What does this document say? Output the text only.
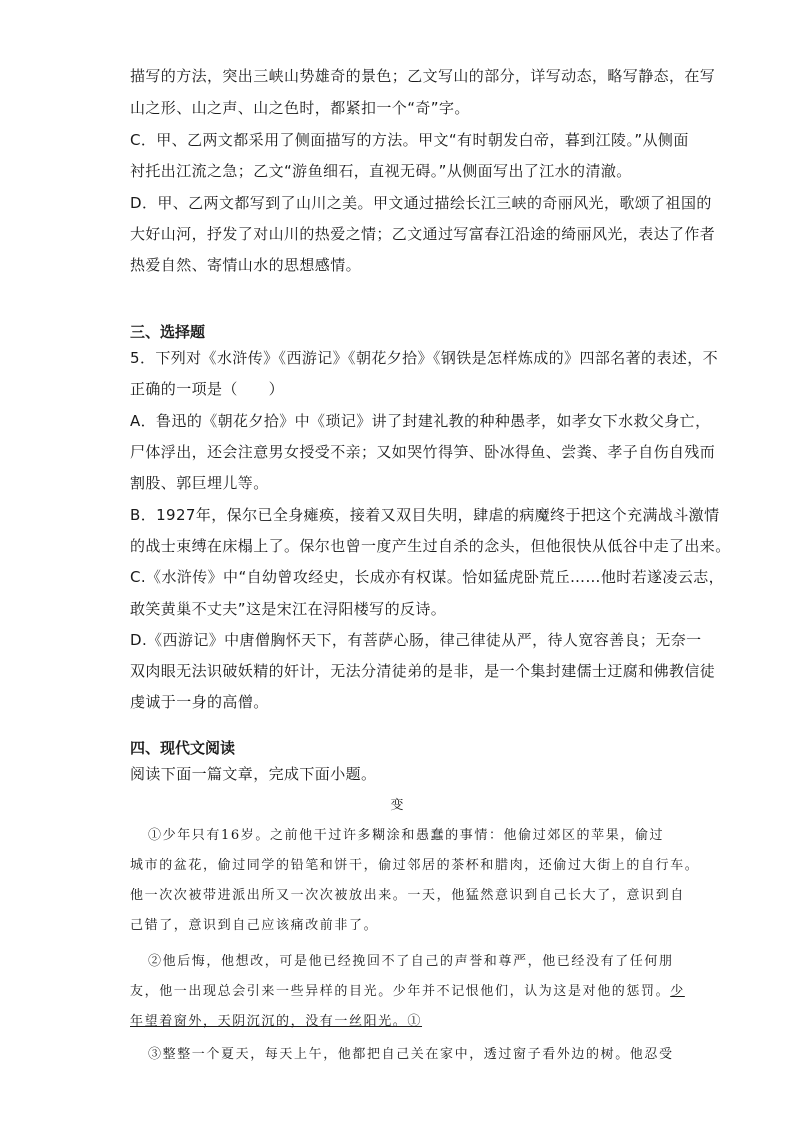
描写的方法，突出三峡山势雄奇的景色；乙文写山的部分，详写动态，略写静态，在写
山之形、山之声、山之色时，都紧扣一个“奇”字。
C．甲、乙两文都采用了侧面描写的方法。甲文“有时朝发白帝，暮到江陵。”从侧面
衬托出江流之急；乙文“游鱼细石，直视无碍。”从侧面写出了江水的清澈。
D．甲、乙两文都写到了山川之美。甲文通过描绘长江三峡的奇丽风光，歌颂了祖国的
大好山河，抒发了对山川的热爱之情；乙文通过写富春江沿途的绮丽风光，表达了作者
热爱自然、寄情山水的思想感情。
三、选择题
5．下列对《水浒传》《西游记》《朝花夕拾》《钢铁是怎样炼成的》四部名著的表述，不
正确的一项是（　　）
A．鲁迅的《朝花夕拾》中《琐记》讲了封建礼教的种种愚孝，如孝女下水救父身亡，
尸体浮出，还会注意男女授受不亲；又如哭竹得笋、卧冰得鱼、尝粪、孝子自伤自残而
割股、郭巨埋儿等。
B．1927年，保尔已全身瘫痪，接着又双目失明，肆虐的病魔终于把这个充满战斗激情
的战士束缚在床榻上了。保尔也曾一度产生过自杀的念头，但他很快从低谷中走了出来。
C.《水浒传》中“自幼曾攻经史，长成亦有权谋。恰如猛虎卧荒丘……他时若遂凌云志，
敢笑黄巢不丈夫”这是宋江在浔阳楼写的反诗。
D.《西游记》中唐僧胸怀天下，有菩萨心肠，律己律徒从严，待人宽容善良；无奈一
双肉眼无法识破妖精的奸计，无法分清徒弟的是非，是一个集封建儒士迂腐和佛教信徒
虔诚于一身的高僧。
四、现代文阅读
阅读下面一篇文章，完成下面小题。
变
①少年只有16岁。之前他干过许多糊涂和愚蠢的事情：他偷过郊区的苹果，偷过
城市的盆花，偷过同学的铅笔和饼干，偷过邻居的茶杯和腊肉，还偷过大街上的自行车。
他一次次被带进派出所又一次次被放出来。一天，他猛然意识到自己长大了，意识到自
己错了，意识到自己应该痛改前非了。
②他后悔，他想改，可是他已经挽回不了自己的声誉和尊严，他已经没有了任何朋
友，他一出现总会引来一些异样的目光。少年并不记恨他们，认为这是对他的惩罚。少
年望着窗外，天阴沉沉的，没有一丝阳光。①
③整整一个夏天，每天上午，他都把自己关在家中，透过窗子看外边的树。他忍受
